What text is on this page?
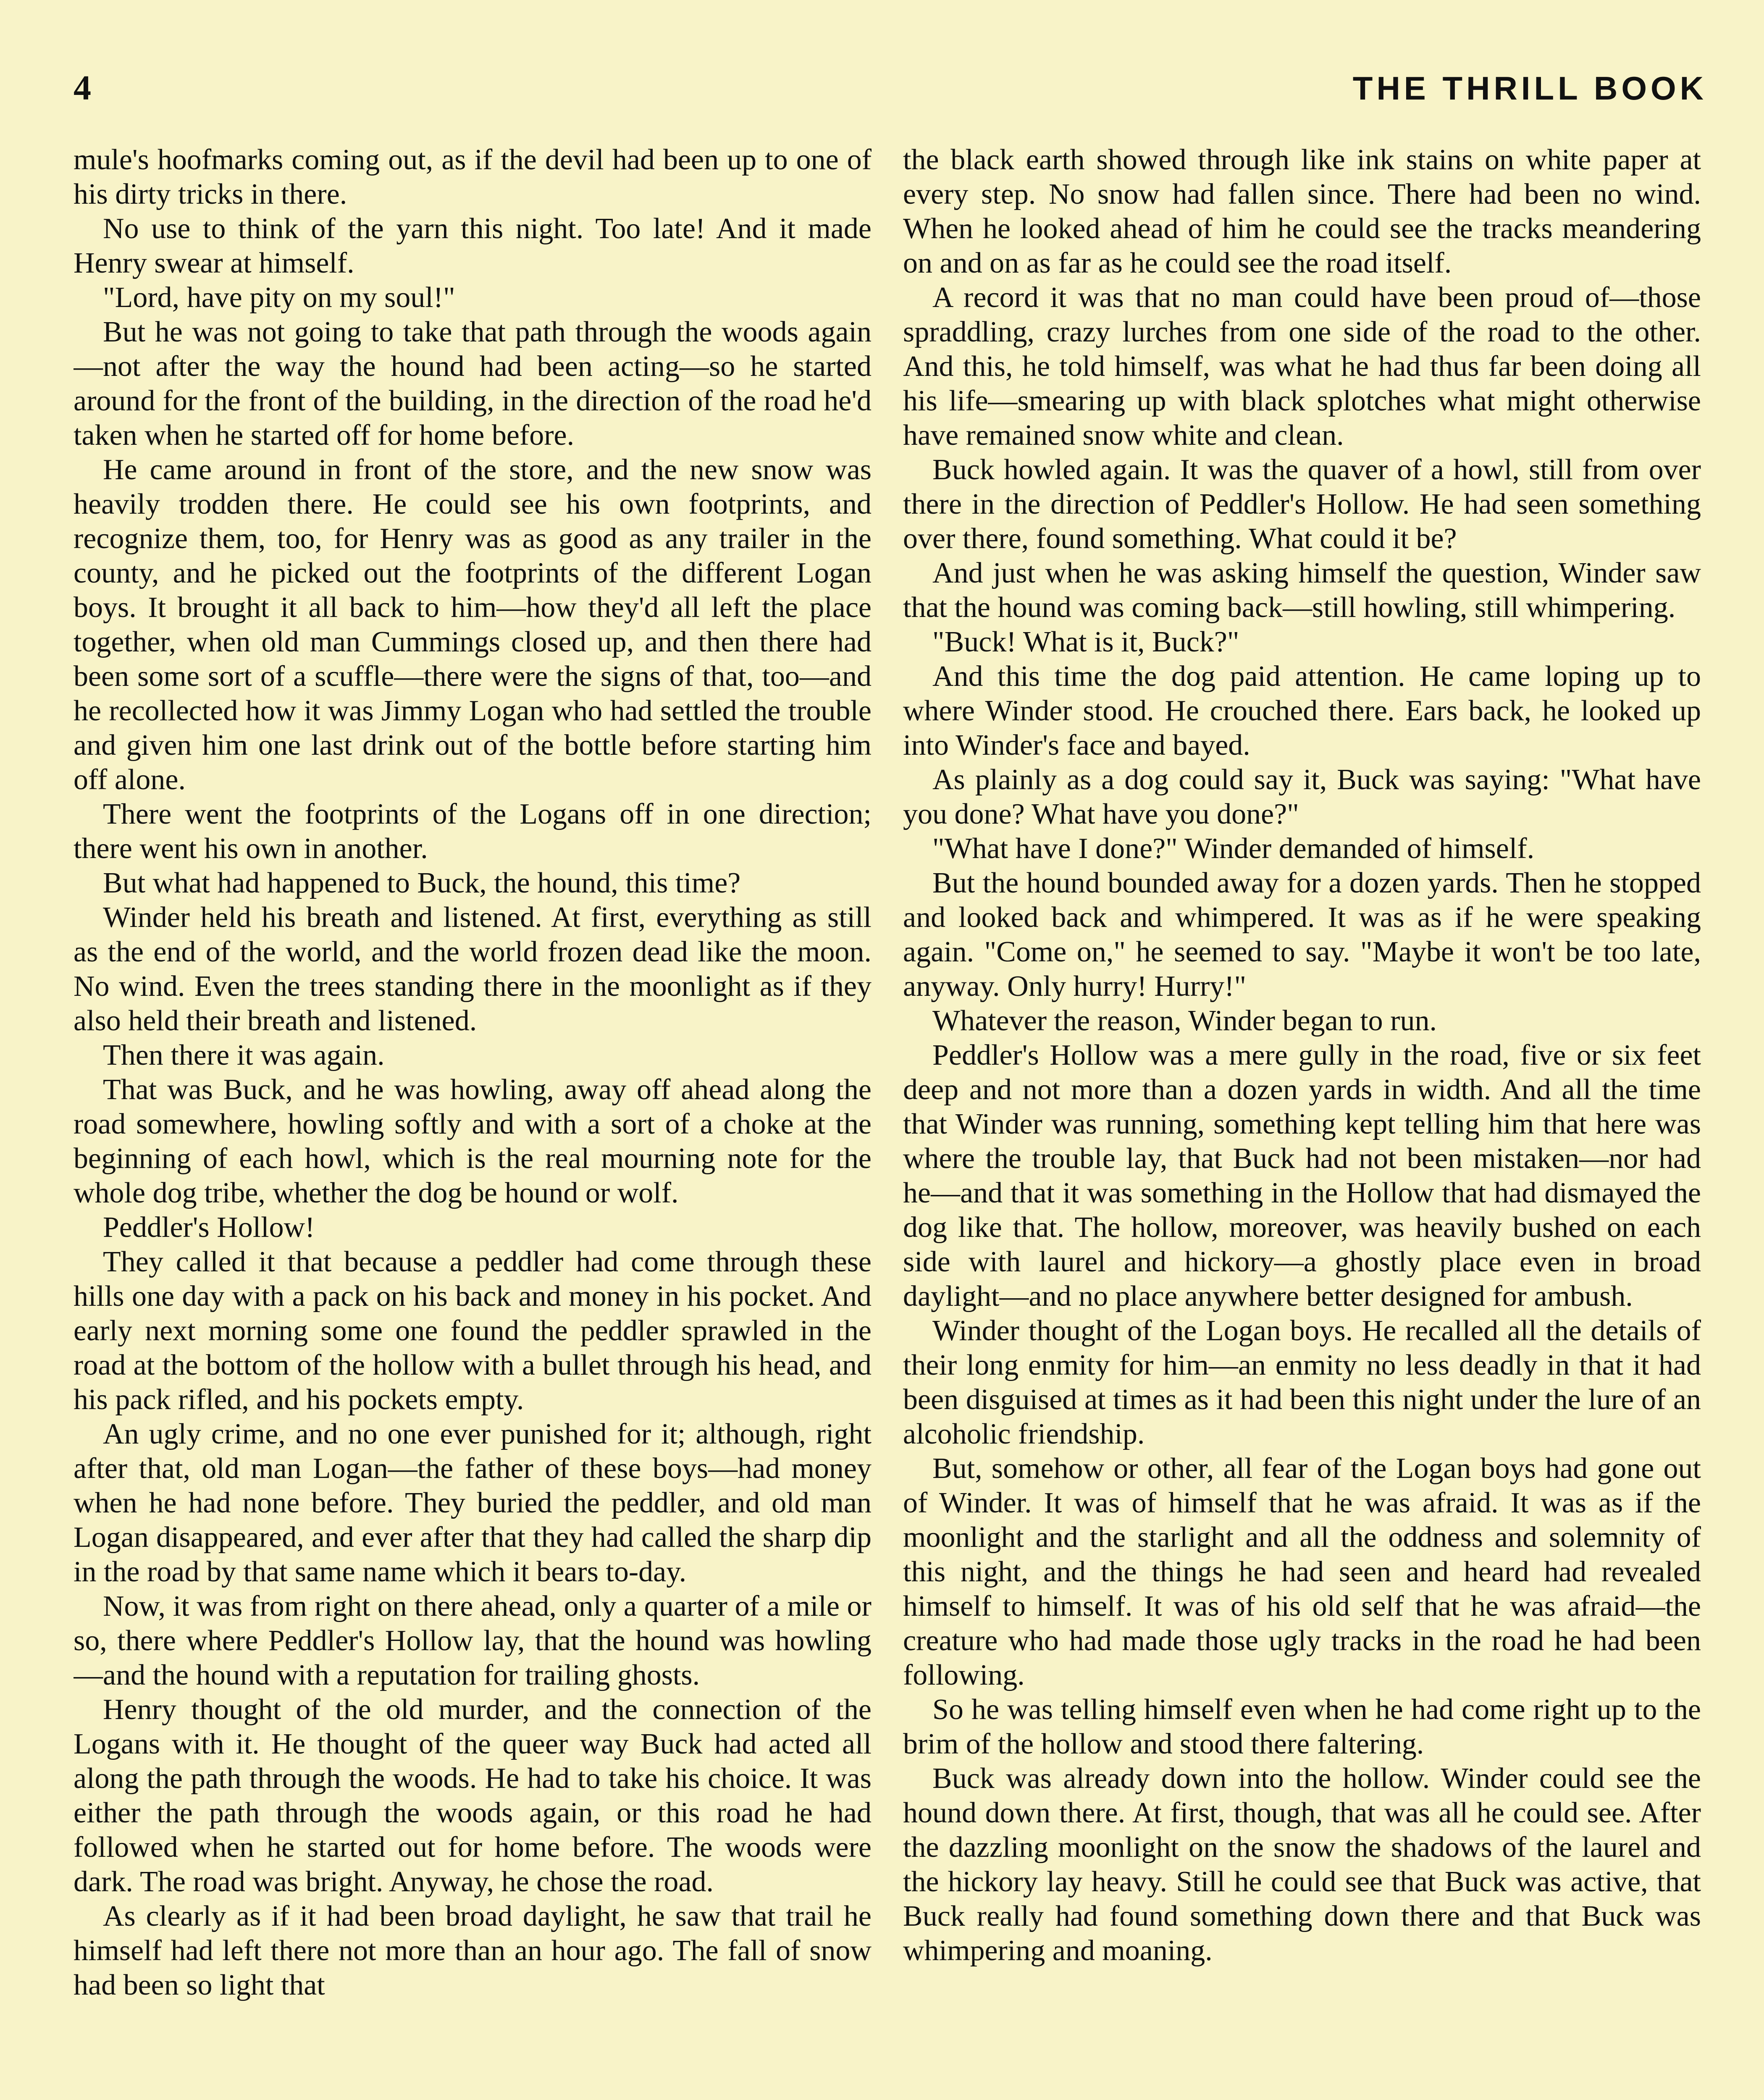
4	THE THRILL BOOK

mule's hoofmarks coming out, as if the devil had been up to one of his dirty tricks in there.

No use to think of the yarn this night. Too late! And it made Henry swear at himself.

"Lord, have pity on my soul!"

But he was not going to take that path through the woods again—not after the way the hound had been acting—so he started around for the front of the building, in the direction of the road he'd taken when he started off for home before.

He came around in front of the store, and the new snow was heavily trodden there. He could see his own footprints, and recognize them, too, for Henry was as good as any trailer in the county, and he picked out the footprints of the different Logan boys. It brought it all back to him—how they'd all left the place together, when old man Cummings closed up, and then there had been some sort of a scuffle—there were the signs of that, too—and he recollected how it was Jimmy Logan who had settled the trouble and given him one last drink out of the bottle before starting him off alone.

There went the footprints of the Logans off in one direction; there went his own in another.

But what had happened to Buck, the hound, this time?

Winder held his breath and listened. At first, everything as still as the end of the world, and the world frozen dead like the moon. No wind. Even the trees standing there in the moonlight as if they also held their breath and listened.

Then there it was again.

That was Buck, and he was howling, away off ahead along the road somewhere, howling softly and with a sort of a choke at the beginning of each howl, which is the real mourning note for the whole dog tribe, whether the dog be hound or wolf.

Peddler's Hollow!

They called it that because a peddler had come through these hills one day with a pack on his back and money in his pocket. And early next morning some one found the peddler sprawled in the road at the bottom of the hollow with a bullet through his head, and his pack rifled, and his pockets empty.

An ugly crime, and no one ever punished for it; although, right after that, old man Logan—the father of these boys—had money when he had none before. They buried the peddler, and old man Logan disappeared, and ever after that they had called the sharp dip in the road by that same name which it bears to-day.

Now, it was from right on there ahead, only a quarter of a mile or so, there where Peddler's Hollow lay, that the hound was howling—and the hound with a reputation for trailing ghosts.

Henry thought of the old murder, and the connection of the Logans with it. He thought of the queer way Buck had acted all along the path through the woods. He had to take his choice. It was either the path through the woods again, or this road he had followed when he started out for home before. The woods were dark. The road was bright. Anyway, he chose the road.

As clearly as if it had been broad daylight, he saw that trail he himself had left there not more than an hour ago. The fall of snow had been so light that

the black earth showed through like ink stains on white paper at every step. No snow had fallen since. There had been no wind. When he looked ahead of him he could see the tracks meandering on and on as far as he could see the road itself.

A record it was that no man could have been proud of—those spraddling, crazy lurches from one side of the road to the other. And this, he told himself, was what he had thus far been doing all his life—smearing up with black splotches what might otherwise have remained snow white and clean.

Buck howled again. It was the quaver of a howl, still from over there in the direction of Peddler's Hollow. He had seen something over there, found something. What could it be?

And just when he was asking himself the question, Winder saw that the hound was coming back—still howling, still whimpering.

"Buck! What is it, Buck?"

And this time the dog paid attention. He came loping up to where Winder stood. He crouched there. Ears back, he looked up into Winder's face and bayed.

As plainly as a dog could say it, Buck was saying: "What have you done? What have you done?"

"What have I done?" Winder demanded of himself.

But the hound bounded away for a dozen yards. Then he stopped and looked back and whimpered. It was as if he were speaking again. "Come on," he seemed to say. "Maybe it won't be too late, anyway. Only hurry! Hurry!"

Whatever the reason, Winder began to run.

Peddler's Hollow was a mere gully in the road, five or six feet deep and not more than a dozen yards in width. And all the time that Winder was running, something kept telling him that here was where the trouble lay, that Buck had not been mistaken—nor had he—and that it was something in the Hollow that had dismayed the dog like that. The hollow, moreover, was heavily bushed on each side with laurel and hickory—a ghostly place even in broad daylight—and no place anywhere better designed for ambush.

Winder thought of the Logan boys. He recalled all the details of their long enmity for him—an enmity no less deadly in that it had been disguised at times as it had been this night under the lure of an alcoholic friendship.

But, somehow or other, all fear of the Logan boys had gone out of Winder. It was of himself that he was afraid. It was as if the moonlight and the starlight and all the oddness and solemnity of this night, and the things he had seen and heard had revealed himself to himself. It was of his old self that he was afraid—the creature who had made those ugly tracks in the road he had been following.

So he was telling himself even when he had come right up to the brim of the hollow and stood there faltering.

Buck was already down into the hollow. Winder could see the hound down there. At first, though, that was all he could see. After the dazzling moonlight on the snow the shadows of the laurel and the hickory lay heavy. Still he could see that Buck was active, that Buck really had found something down there and that Buck was whimpering and moaning.
